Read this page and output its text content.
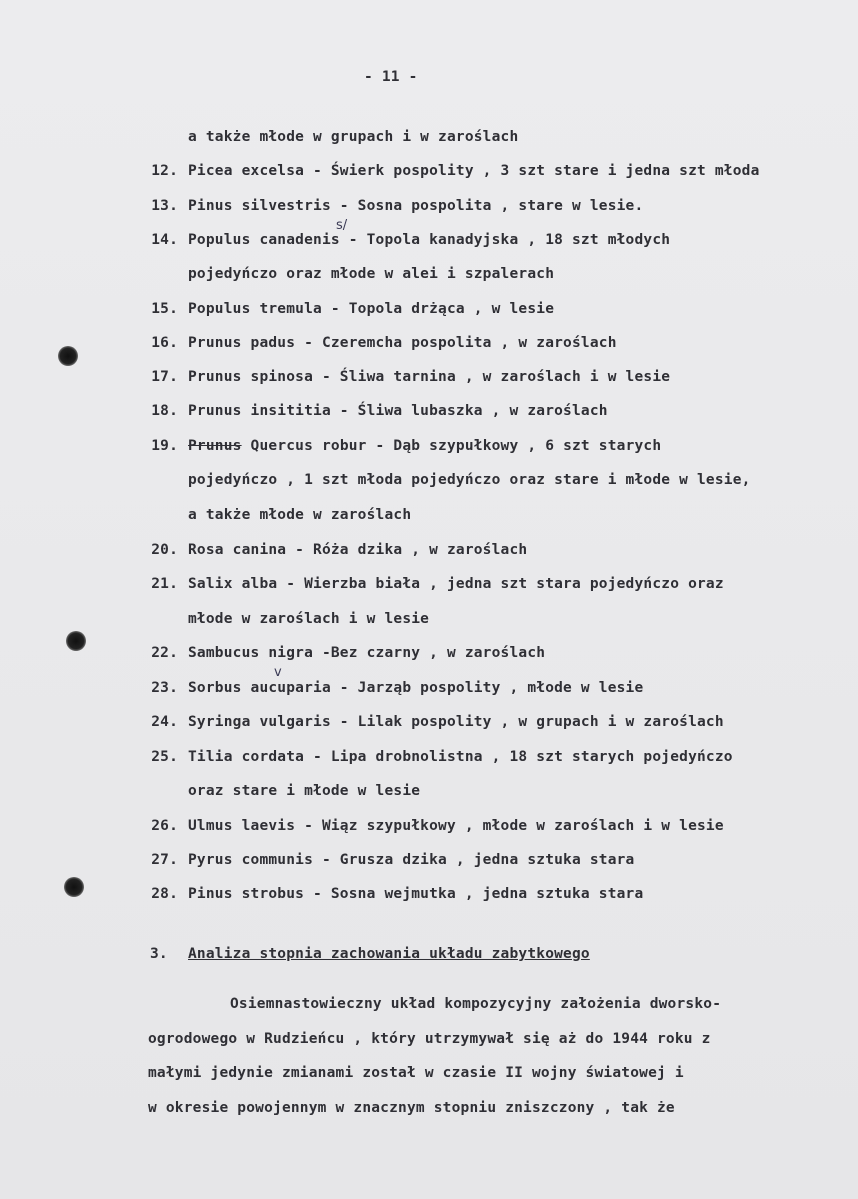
- 11 -
a także młode w grupach i w zaroślach
12. Picea excelsa - Świerk pospolity , 3 szt stare i jedna szt młoda
13. Pinus silvestris - Sosna pospolita , stare w lesie.
14. Populus canadenis - Topola kanadyjska , 18 szt młodych
pojedyńczo oraz młode w alei i szpalerach
15. Populus tremula - Topola drżąca , w lesie
16. Prunus padus - Czeremcha pospolita , w zaroślach
17. Prunus spinosa - Śliwa tarnina , w zaroślach i w lesie
18. Prunus insititia - Śliwa lubaszka , w zaroślach
19. Prunus Quercus robur - Dąb szypułkowy , 6 szt starych
pojedyńczo , 1 szt młoda pojedyńczo oraz stare i młode w lesie,
a także młode w zaroślach
20. Rosa canina - Róża dzika , w zaroślach
21. Salix alba - Wierzba biała , jedna szt stara pojedyńczo oraz
młode w zaroślach i w lesie
22. Sambucus nigra -Bez czarny , w zaroślach
23. Sorbus aucuparia - Jarząb pospolity , młode w lesie
24. Syringa vulgaris - Lilak pospolity , w grupach i w zaroślach
25. Tilia cordata - Lipa drobnolistna , 18 szt starych pojedyńczo
oraz stare i młode w lesie
26. Ulmus laevis - Wiąz szypułkowy , młode w zaroślach i w lesie
27. Pyrus communis - Grusza dzika , jedna sztuka stara
28. Pinus strobus - Sosna wejmutka , jedna sztuka stara
s/
v
3. Analiza stopnia zachowania układu zabytkowego
Osiemnastowieczny układ kompozycyjny założenia dworsko-
ogrodowego w Rudzieńcu , który utrzymywał się aż do 1944 roku z
małymi jedynie zmianami został w czasie II wojny światowej i
w okresie powojennym w znacznym stopniu zniszczony , tak że
